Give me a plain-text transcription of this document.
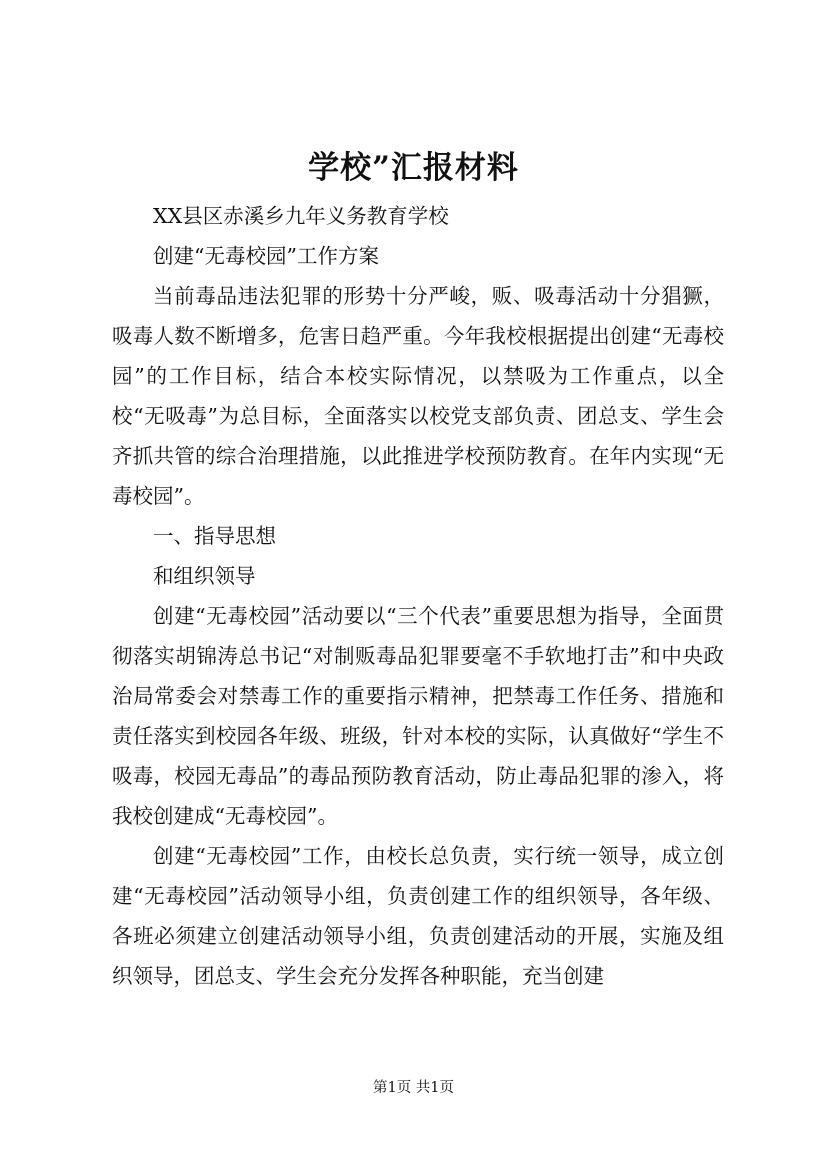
学校”汇报材料

XX县区赤溪乡九年义务教育学校

创建“无毒校园”工作方案

当前毒品违法犯罪的形势十分严峻，贩、吸毒活动十分猖獗，吸毒人数不断增多，危害日趋严重。今年我校根据提出创建“无毒校园”的工作目标，结合本校实际情况，以禁吸为工作重点，以全校“无吸毒”为总目标，全面落实以校党支部负责、团总支、学生会齐抓共管的综合治理措施，以此推进学校预防教育。在年内实现“无毒校园”。

一、指导思想

和组织领导

创建“无毒校园”活动要以“三个代表”重要思想为指导，全面贯彻落实胡锦涛总书记“对制贩毒品犯罪要毫不手软地打击”和中央政治局常委会对禁毒工作的重要指示精神，把禁毒工作任务、措施和责任落实到校园各年级、班级，针对本校的实际，认真做好“学生不吸毒，校园无毒品”的毒品预防教育活动，防止毒品犯罪的渗入，将我校创建成“无毒校园”。

创建“无毒校园”工作，由校长总负责，实行统一领导，成立创建“无毒校园”活动领导小组，负责创建工作的组织领导，各年级、各班必须建立创建活动领导小组，负责创建活动的开展，实施及组织领导，团总支、学生会充分发挥各种职能，充当创建

第1页 共1页
